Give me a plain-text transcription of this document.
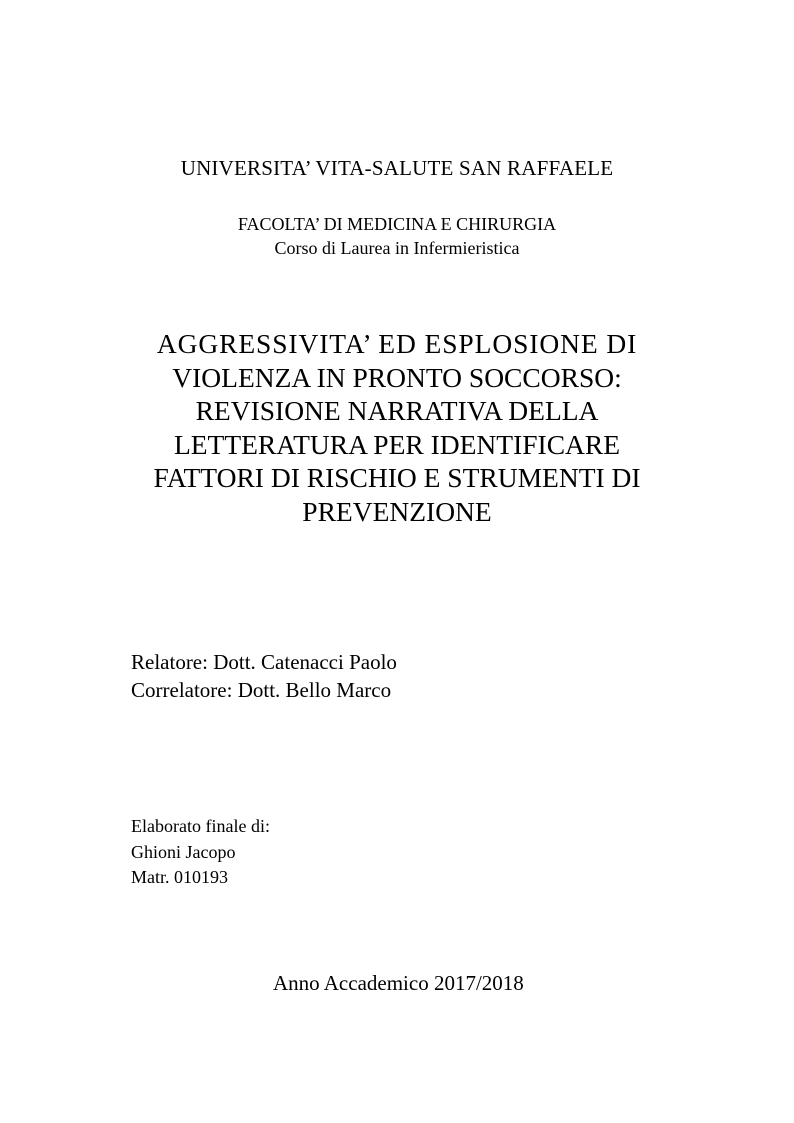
UNIVERSITA’ VITA-SALUTE SAN RAFFAELE
FACOLTA’ DI MEDICINA E CHIRURGIA
Corso di Laurea in Infermieristica
AGGRESSIVITA’ ED ESPLOSIONE DI
VIOLENZA IN PRONTO SOCCORSO:
REVISIONE NARRATIVA DELLA
LETTERATURA PER IDENTIFICARE
FATTORI DI RISCHIO E STRUMENTI DI
PREVENZIONE
Relatore: Dott. Catenacci Paolo
Correlatore: Dott. Bello Marco
Elaborato finale di:
Ghioni Jacopo
Matr. 010193
Anno Accademico 2017/2018
